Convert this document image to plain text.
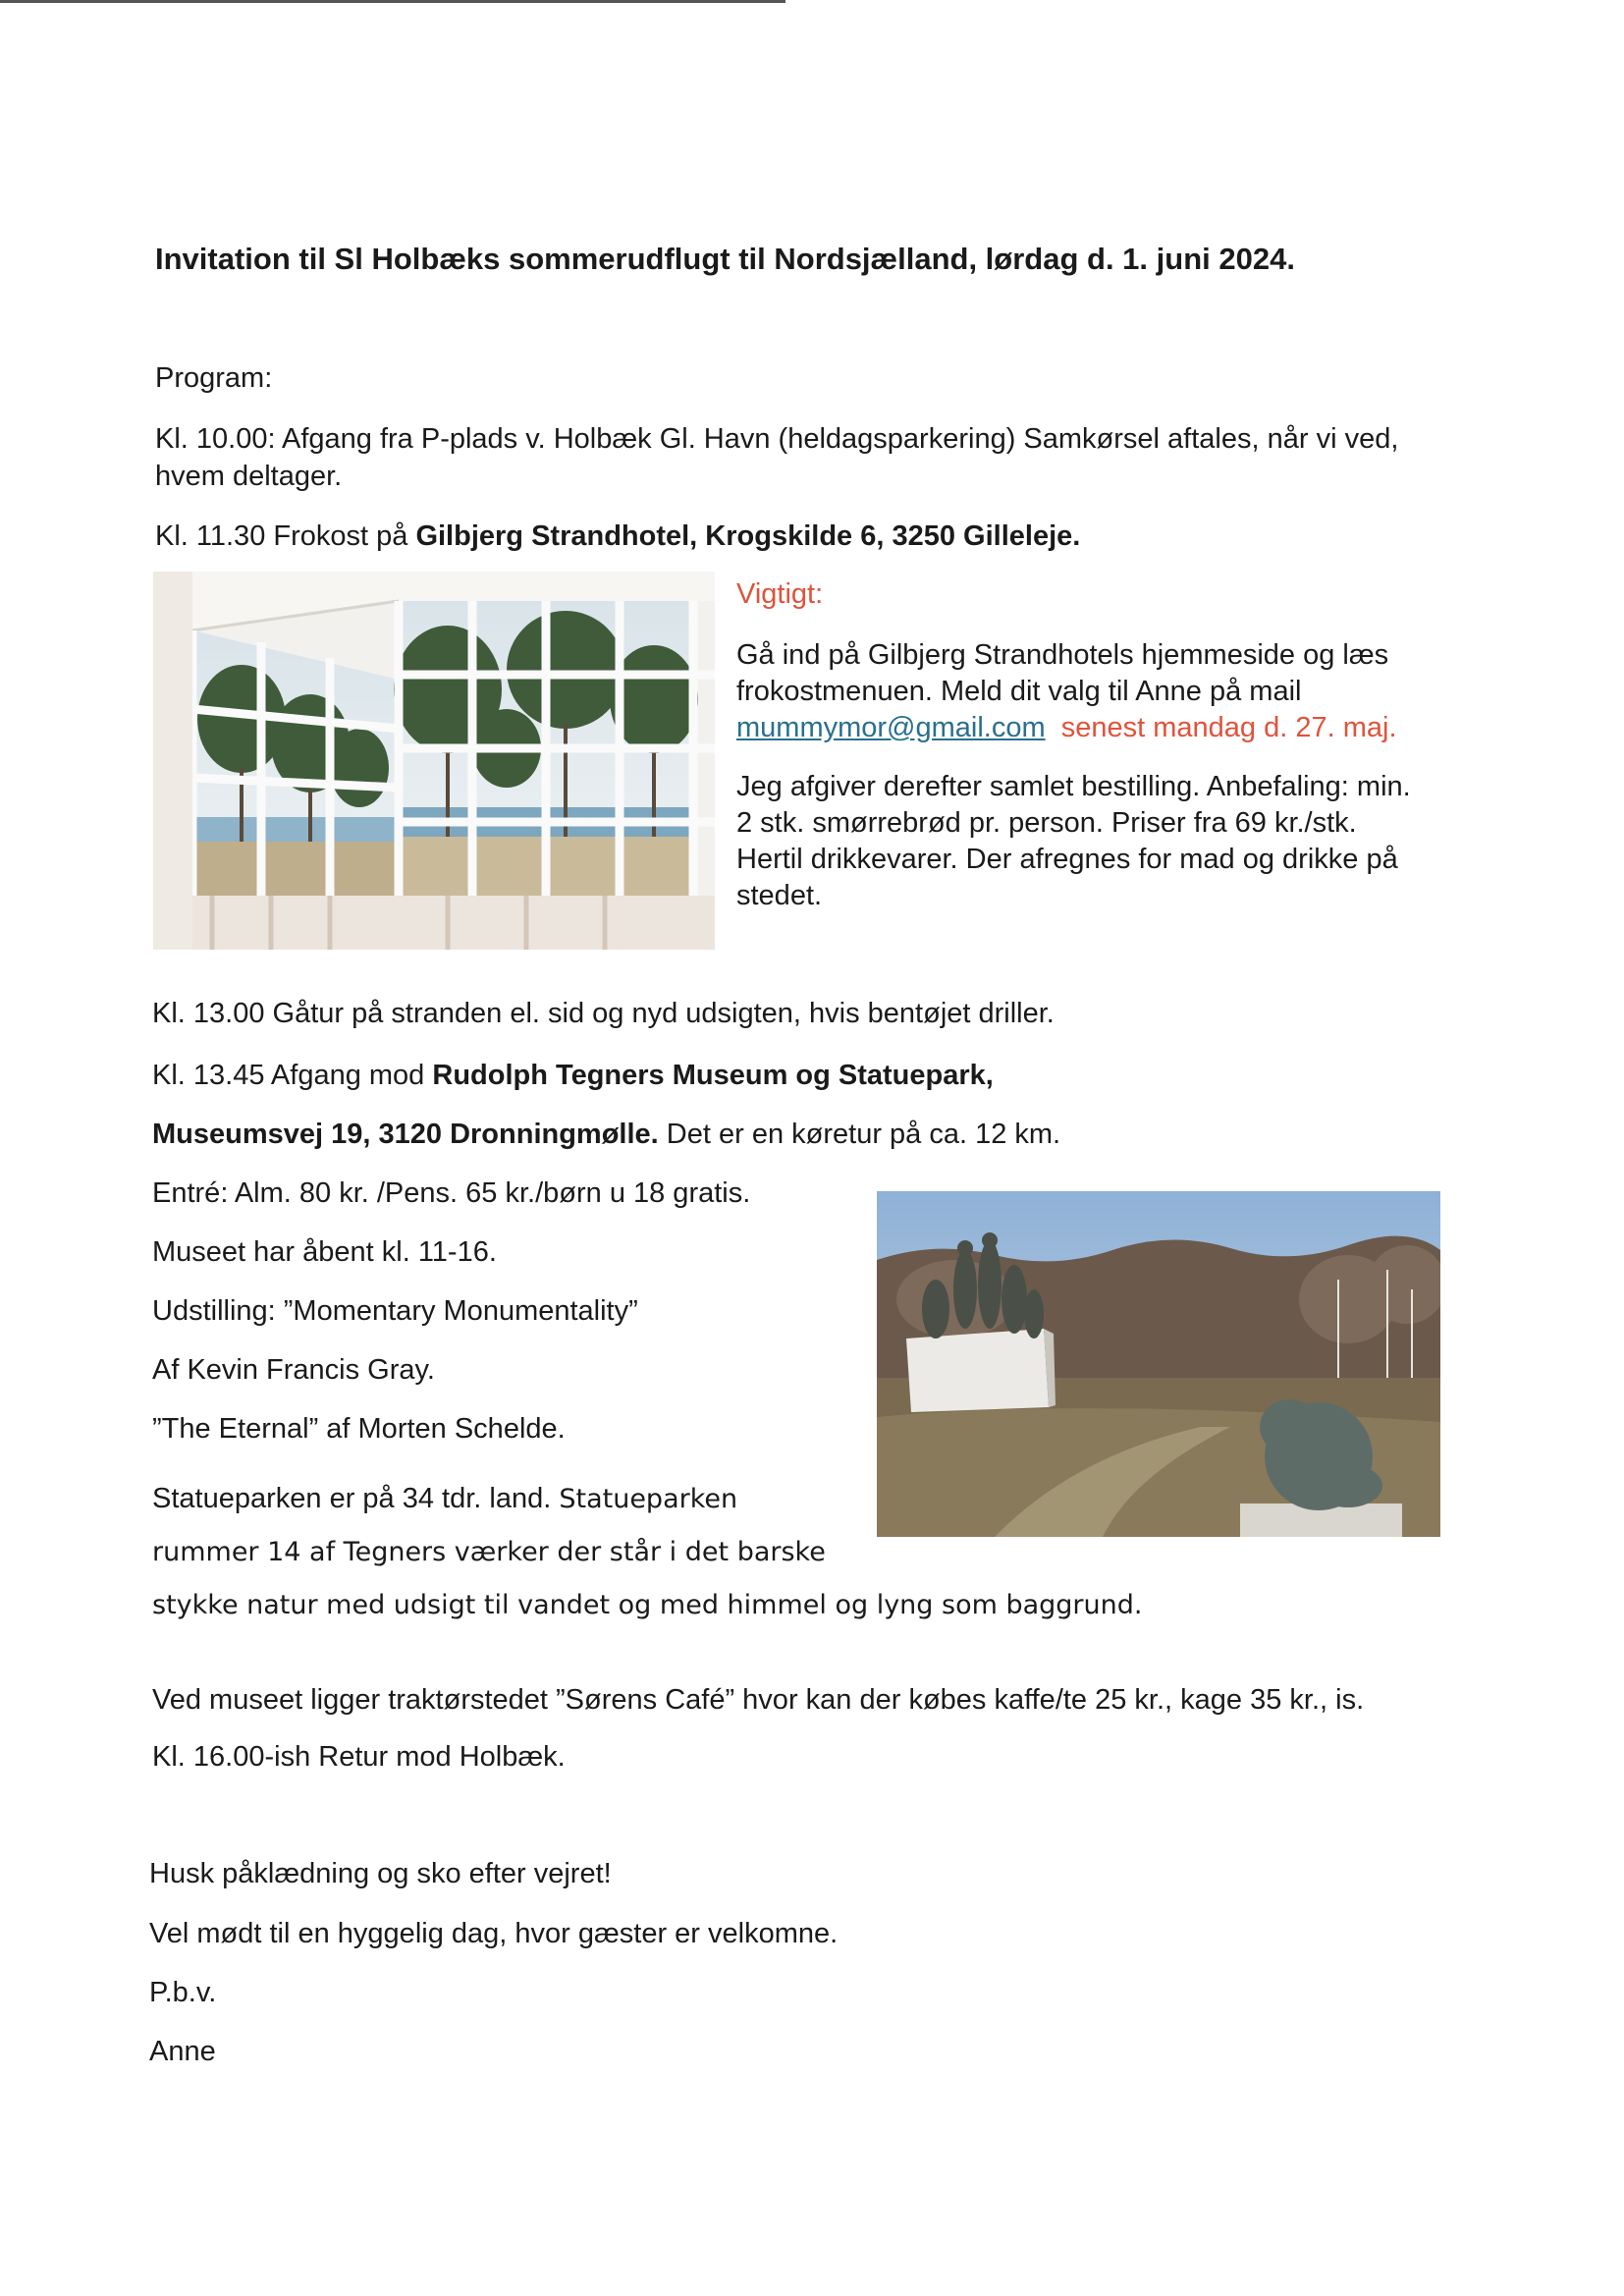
Invitation til Sl Holbæks sommerudflugt til Nordsjælland, lørdag d. 1. juni 2024.

Program:

Kl. 10.00: Afgang fra P-plads v. Holbæk Gl. Havn (heldagsparkering) Samkørsel aftales, når vi ved,

hvem deltager.

Kl. 11.30 Frokost på Gilbjerg Strandhotel, Krogskilde 6, 3250 Gilleleje.

Vigtigt:

Gå ind på Gilbjerg Strandhotels hjemmeside og læs

frokostmenuen. Meld dit valg til Anne på mail

mummymor@gmail.com senest mandag d. 27. maj.

Jeg afgiver derefter samlet bestilling. Anbefaling: min.

2 stk. smørrebrød pr. person. Priser fra 69 kr./stk.

Hertil drikkevarer. Der afregnes for mad og drikke på

stedet.

Kl. 13.00 Gåtur på stranden el. sid og nyd udsigten, hvis bentøjet driller.

Kl. 13.45 Afgang mod Rudolph Tegners Museum og Statuepark,

Museumsvej 19, 3120 Dronningmølle. Det er en køretur på ca. 12 km.

Entré: Alm. 80 kr. /Pens. 65 kr./børn u 18 gratis.

Museet har åbent kl. 11-16.

Udstilling: ”Momentary Monumentality”

Af Kevin Francis Gray.

”The Eternal” af Morten Schelde.

Statueparken er på 34 tdr. land. Statueparken

rummer 14 af Tegners værker der står i det barske

stykke natur med udsigt til vandet og med himmel og lyng som baggrund.

Ved museet ligger traktørstedet ”Sørens Café” hvor kan der købes kaffe/te 25 kr., kage 35 kr., is.

Kl. 16.00-ish Retur mod Holbæk.

Husk påklædning og sko efter vejret!

Vel mødt til en hyggelig dag, hvor gæster er velkomne.

P.b.v.

Anne
